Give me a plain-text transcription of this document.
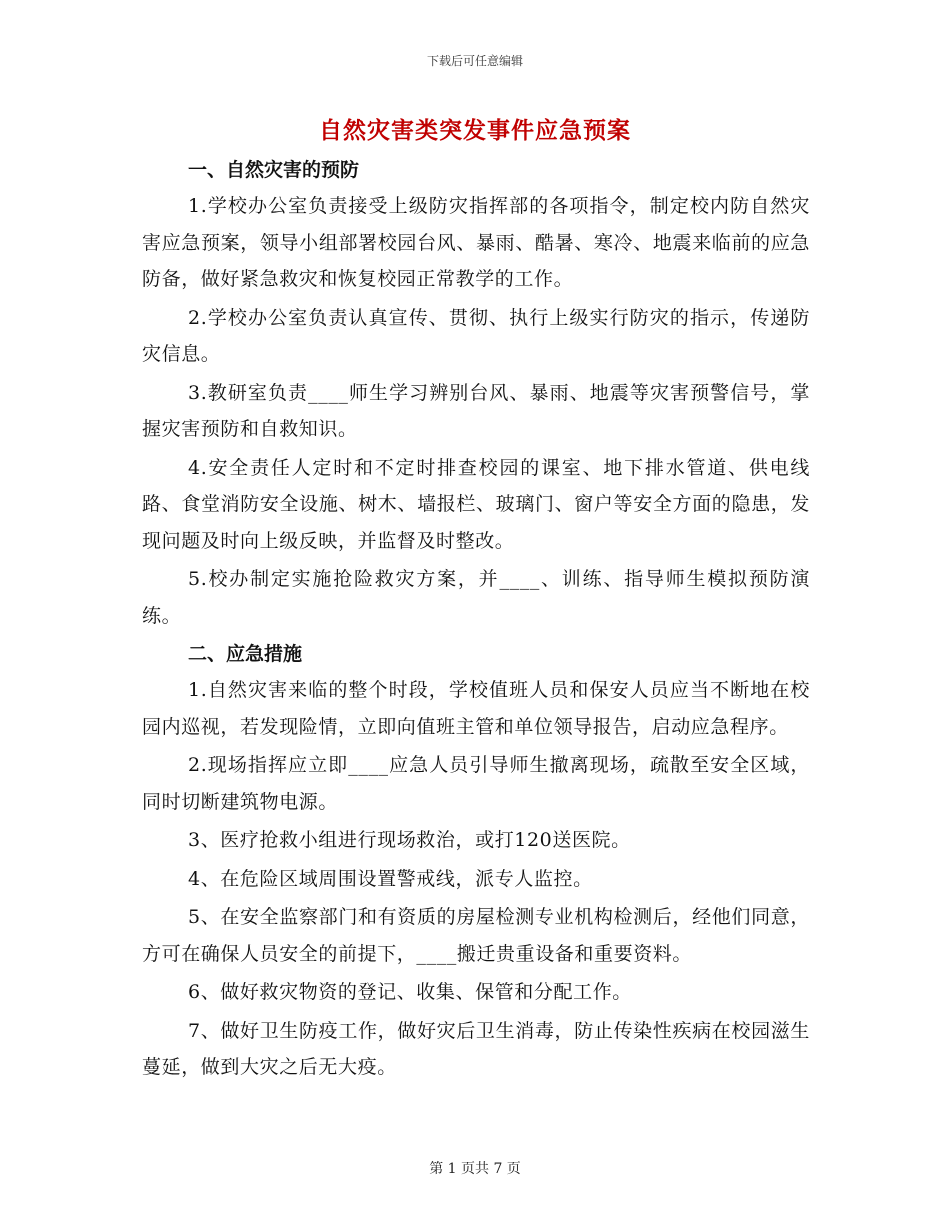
下载后可任意编辑
自然灾害类突发事件应急预案

一、自然灾害的预防

1.学校办公室负责接受上级防灾指挥部的各项指令，制定校内防自然灾害应急预案，领导小组部署校园台风、暴雨、酷暑、寒冷、地震来临前的应急防备，做好紧急救灾和恢复校园正常教学的工作。

2.学校办公室负责认真宣传、贯彻、执行上级实行防灾的指示，传递防灾信息。

3.教研室负责____师生学习辨别台风、暴雨、地震等灾害预警信号，掌握灾害预防和自救知识。

4.安全责任人定时和不定时排查校园的课室、地下排水管道、供电线路、食堂消防安全设施、树木、墙报栏、玻璃门、窗户等安全方面的隐患，发现问题及时向上级反映，并监督及时整改。

5.校办制定实施抢险救灾方案，并____、训练、指导师生模拟预防演练。

二、应急措施

1.自然灾害来临的整个时段，学校值班人员和保安人员应当不断地在校园内巡视，若发现险情，立即向值班主管和单位领导报告，启动应急程序。

2.现场指挥应立即____应急人员引导师生撤离现场，疏散至安全区域，同时切断建筑物电源。

3、医疗抢救小组进行现场救治，或打120送医院。

4、在危险区域周围设置警戒线，派专人监控。

5、在安全监察部门和有资质的房屋检测专业机构检测后，经他们同意，方可在确保人员安全的前提下，____搬迁贵重设备和重要资料。

6、做好救灾物资的登记、收集、保管和分配工作。

7、做好卫生防疫工作，做好灾后卫生消毒，防止传染性疾病在校园滋生蔓延，做到大灾之后无大疫。

第 1 页共 7 页
